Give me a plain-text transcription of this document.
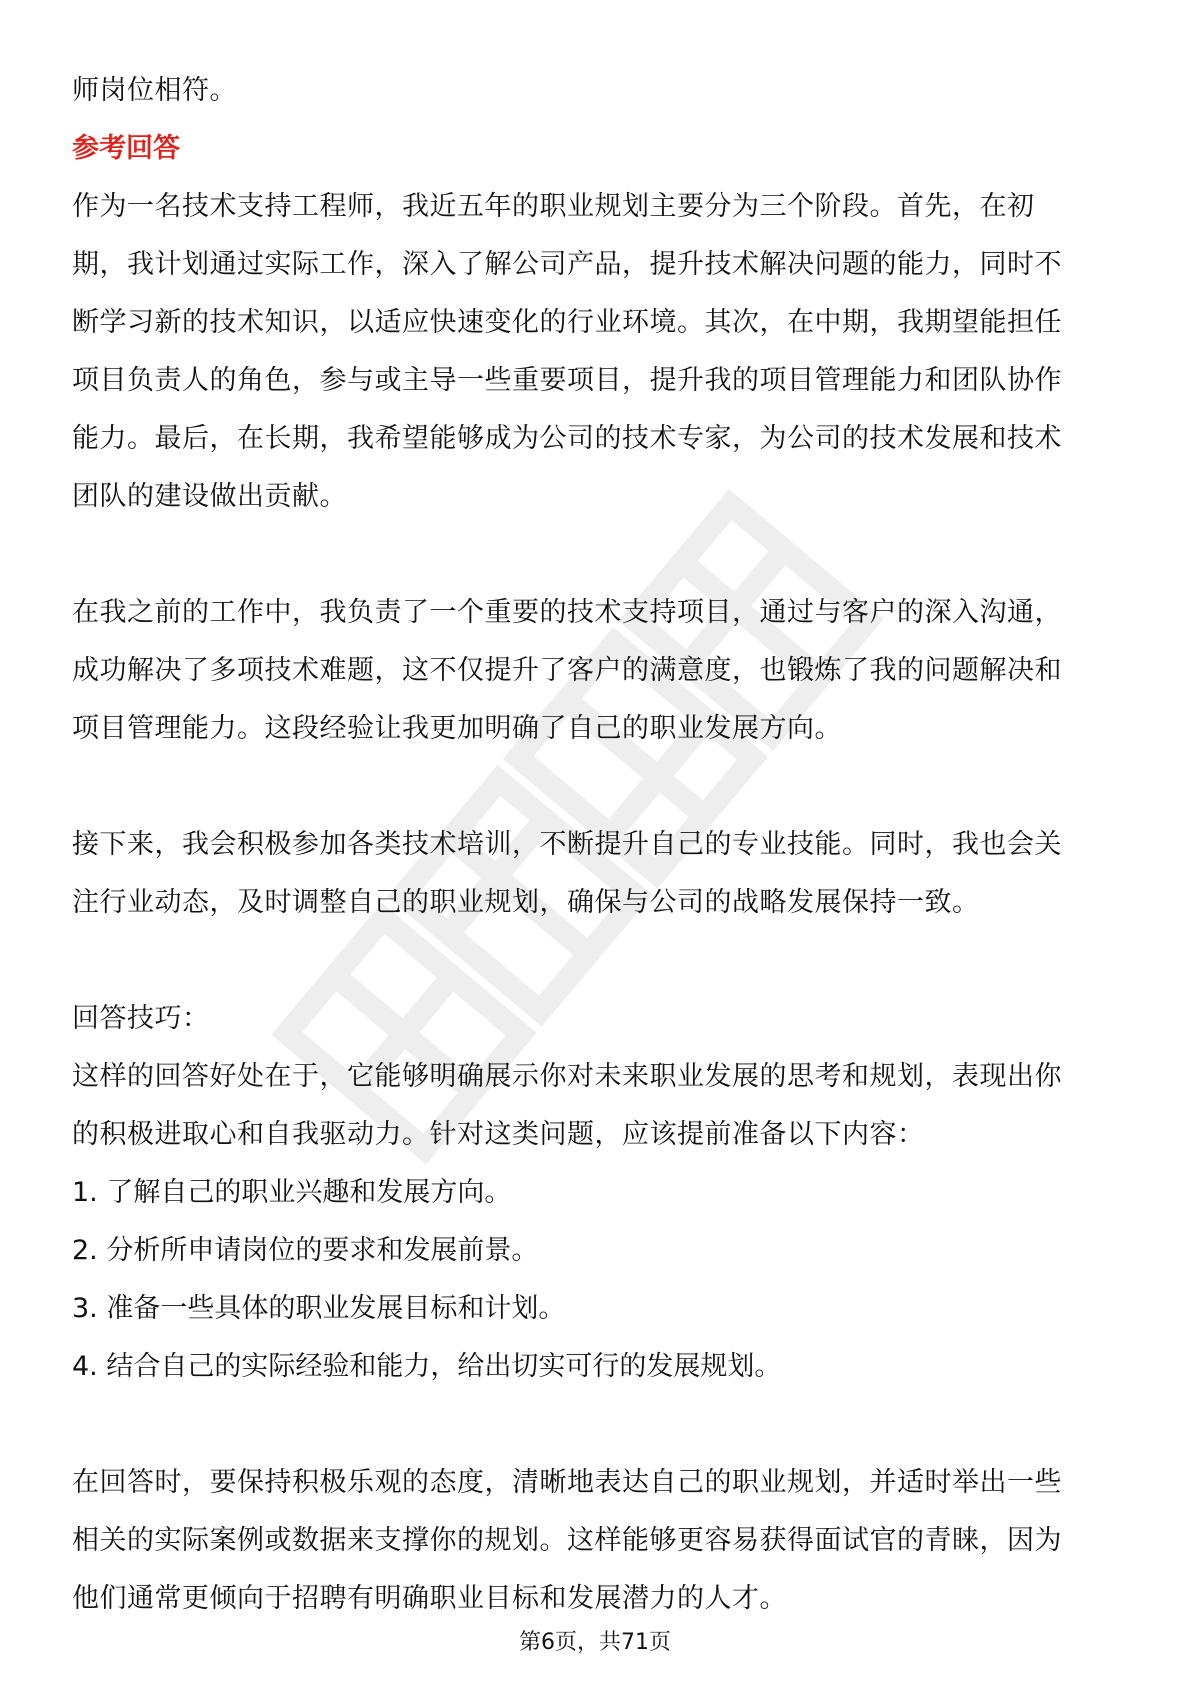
师岗位相符。

参考回答

作为一名技术支持工程师，我近五年的职业规划主要分为三个阶段。首先，在初

期，我计划通过实际工作，深入了解公司产品，提升技术解决问题的能力，同时不

断学习新的技术知识，以适应快速变化的行业环境。其次，在中期，我期望能担任

项目负责人的角色，参与或主导一些重要项目，提升我的项目管理能力和团队协作

能力。最后，在长期，我希望能够成为公司的技术专家，为公司的技术发展和技术

团队的建设做出贡献。

在我之前的工作中，我负责了一个重要的技术支持项目，通过与客户的深入沟通，

成功解决了多项技术难题，这不仅提升了客户的满意度，也锻炼了我的问题解决和

项目管理能力。这段经验让我更加明确了自己的职业发展方向。

接下来，我会积极参加各类技术培训，不断提升自己的专业技能。同时，我也会关

注行业动态，及时调整自己的职业规划，确保与公司的战略发展保持一致。

回答技巧：

这样的回答好处在于，它能够明确展示你对未来职业发展的思考和规划，表现出你

的积极进取心和自我驱动力。针对这类问题，应该提前准备以下内容：

1. 了解自己的职业兴趣和发展方向。

2. 分析所申请岗位的要求和发展前景。

3. 准备一些具体的职业发展目标和计划。

4. 结合自己的实际经验和能力，给出切实可行的发展规划。

在回答时，要保持积极乐观的态度，清晰地表达自己的职业规划，并适时举出一些

相关的实际案例或数据来支撑你的规划。这样能够更容易获得面试官的青睐，因为

他们通常更倾向于招聘有明确职业目标和发展潜力的人才。

第6页，共71页
